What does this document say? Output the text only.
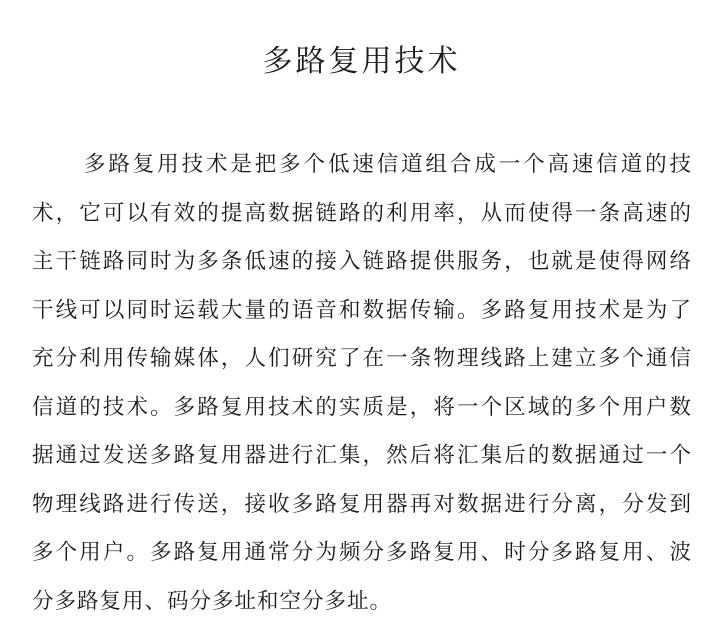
多路复用技术

多路复用技术是把多个低速信道组合成一个高速信道的技
术，它可以有效的提高数据链路的利用率，从而使得一条高速的
主干链路同时为多条低速的接入链路提供服务，也就是使得网络
干线可以同时运载大量的语音和数据传输。多路复用技术是为了
充分利用传输媒体，人们研究了在一条物理线路上建立多个通信
信道的技术。多路复用技术的实质是，将一个区域的多个用户数
据通过发送多路复用器进行汇集，然后将汇集后的数据通过一个
物理线路进行传送，接收多路复用器再对数据进行分离，分发到
多个用户。多路复用通常分为频分多路复用、时分多路复用、波
分多路复用、码分多址和空分多址。
